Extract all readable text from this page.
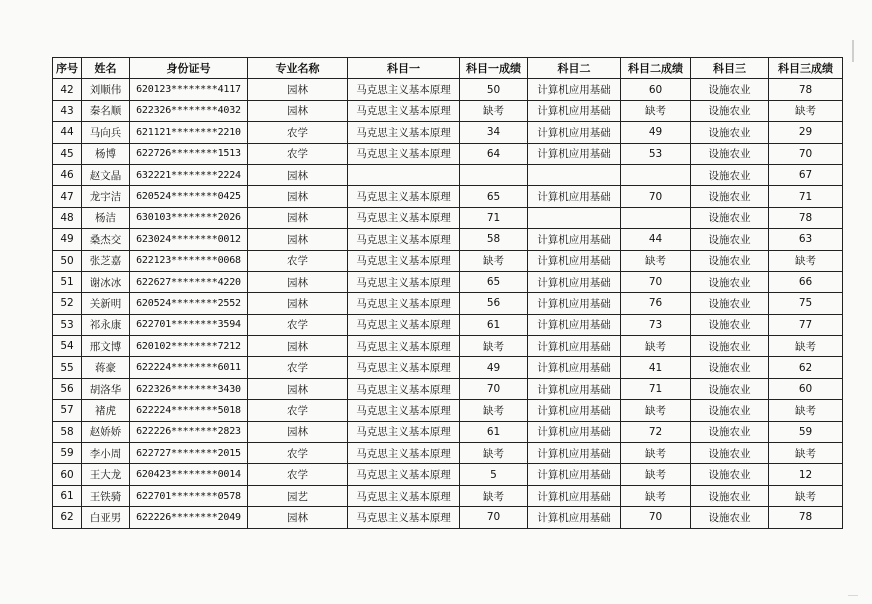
序号	姓名	身份证号	专业名称	科目一	科目一成绩	科目二	科目二成绩	科目三	科目三成绩
42	刘顺伟	620123********4117	园林	马克思主义基本原理	50	计算机应用基础	60	设施农业	78
43	秦名顺	622326********4032	园林	马克思主义基本原理	缺考	计算机应用基础	缺考	设施农业	缺考
44	马向兵	621121********2210	农学	马克思主义基本原理	34	计算机应用基础	49	设施农业	29
45	杨博	622726********1513	农学	马克思主义基本原理	64	计算机应用基础	53	设施农业	70
46	赵文晶	632221********2224	园林					设施农业	67
47	龙宇洁	620524********0425	园林	马克思主义基本原理	65	计算机应用基础	70	设施农业	71
48	杨洁	630103********2026	园林	马克思主义基本原理	71			设施农业	78
49	桑杰交	623024********0012	园林	马克思主义基本原理	58	计算机应用基础	44	设施农业	63
50	张芝嘉	622123********0068	农学	马克思主义基本原理	缺考	计算机应用基础	缺考	设施农业	缺考
51	谢冰冰	622627********4220	园林	马克思主义基本原理	65	计算机应用基础	70	设施农业	66
52	关新明	620524********2552	园林	马克思主义基本原理	56	计算机应用基础	76	设施农业	75
53	祁永康	622701********3594	农学	马克思主义基本原理	61	计算机应用基础	73	设施农业	77
54	邢文博	620102********7212	园林	马克思主义基本原理	缺考	计算机应用基础	缺考	设施农业	缺考
55	蒋豪	622224********6011	农学	马克思主义基本原理	49	计算机应用基础	41	设施农业	62
56	胡洛华	622326********3430	园林	马克思主义基本原理	70	计算机应用基础	71	设施农业	60
57	褚虎	622224********5018	农学	马克思主义基本原理	缺考	计算机应用基础	缺考	设施农业	缺考
58	赵娇娇	622226********2823	园林	马克思主义基本原理	61	计算机应用基础	72	设施农业	59
59	李小周	622727********2015	农学	马克思主义基本原理	缺考	计算机应用基础	缺考	设施农业	缺考
60	王大龙	620423********0014	农学	马克思主义基本原理	5	计算机应用基础	缺考	设施农业	12
61	王铁骑	622701********0578	园艺	马克思主义基本原理	缺考	计算机应用基础	缺考	设施农业	缺考
62	白亚男	622226********2049	园林	马克思主义基本原理	70	计算机应用基础	70	设施农业	78
